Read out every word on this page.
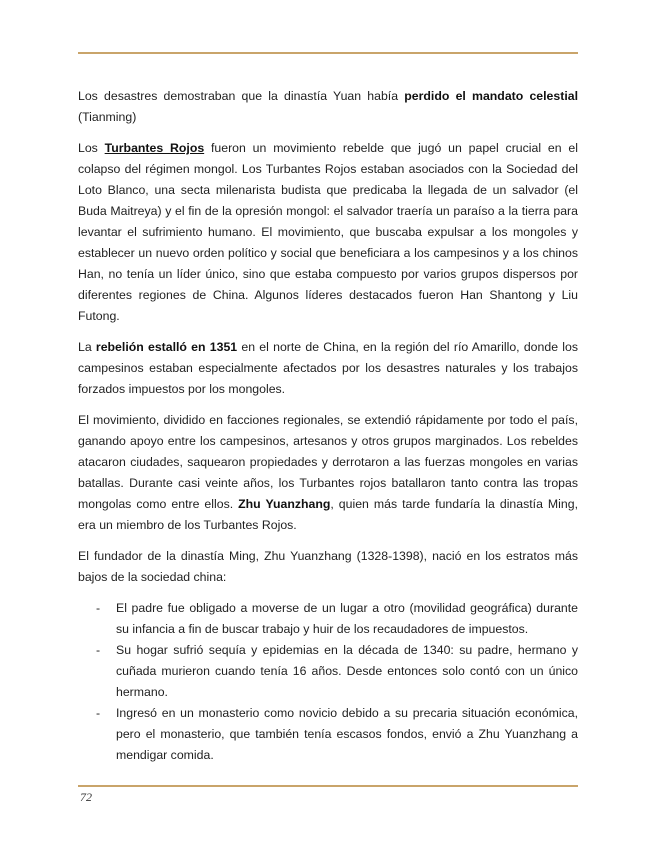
Los desastres demostraban que la dinastía Yuan había perdido el mandato celestial (Tianming)

Los Turbantes Rojos fueron un movimiento rebelde que jugó un papel crucial en el colapso del régimen mongol. Los Turbantes Rojos estaban asociados con la Sociedad del Loto Blanco, una secta milenarista budista que predicaba la llegada de un salvador (el Buda Maitreya) y el fin de la opresión mongol: el salvador traería un paraíso a la tierra para levantar el sufrimiento humano. El movimiento, que buscaba expulsar a los mongoles y establecer un nuevo orden político y social que beneficiara a los campesinos y a los chinos Han, no tenía un líder único, sino que estaba compuesto por varios grupos dispersos por diferentes regiones de China. Algunos líderes destacados fueron Han Shantong y Liu Futong.

La rebelión estalló en 1351 en el norte de China, en la región del río Amarillo, donde los campesinos estaban especialmente afectados por los desastres naturales y los trabajos forzados impuestos por los mongoles.

El movimiento, dividido en facciones regionales, se extendió rápidamente por todo el país, ganando apoyo entre los campesinos, artesanos y otros grupos marginados. Los rebeldes atacaron ciudades, saquearon propiedades y derrotaron a las fuerzas mongoles en varias batallas. Durante casi veinte años, los Turbantes rojos batallaron tanto contra las tropas mongolas como entre ellos. Zhu Yuanzhang, quien más tarde fundaría la dinastía Ming, era un miembro de los Turbantes Rojos.

El fundador de la dinastía Ming, Zhu Yuanzhang (1328-1398), nació en los estratos más bajos de la sociedad china:

- El padre fue obligado a moverse de un lugar a otro (movilidad geográfica) durante su infancia a fin de buscar trabajo y huir de los recaudadores de impuestos.
- Su hogar sufrió sequía y epidemias en la década de 1340: su padre, hermano y cuñada murieron cuando tenía 16 años. Desde entonces solo contó con un único hermano.
- Ingresó en un monasterio como novicio debido a su precaria situación económica, pero el monasterio, que también tenía escasos fondos, envió a Zhu Yuanzhang a mendigar comida.
72
